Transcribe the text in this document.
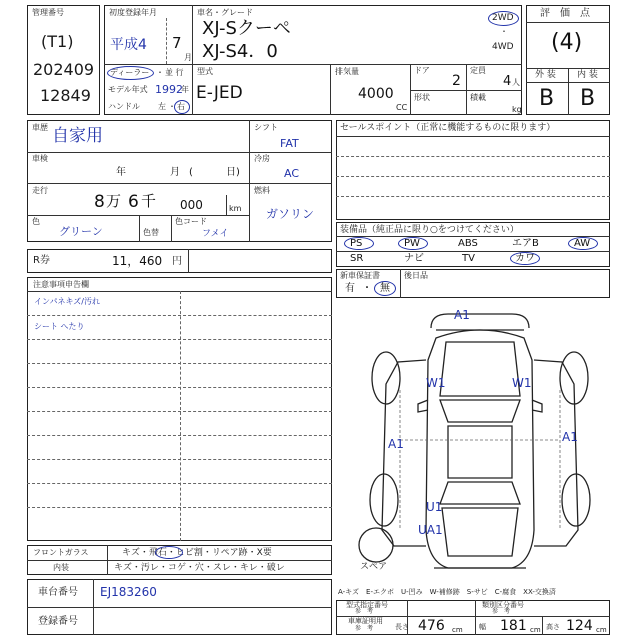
管理番号
(T1)
202409
12849
初度登録年月
平成4 7
月
車名・グレード
XJ-Sクーペ
XJ-S4．0
2WD
・
4WD
ディーラー ・ 並 行
モデル年式 1992
年
ハンドル 左 ・ 右
型式
E-JED
排気量
4000
CC
ドア
2
形状
定員
4 人
積載
kg
評　価　点
(4)
外 装 内 装
B B
車歴 自家用
車検
年	月 (	日)
走行
8 万 6 千 000	km
色
グリーン	色替
色コード
フメイ
シフト
FAT
冷房
AC
燃料
ガソリン
セールスポイント（正常に機能するものに限ります）
装備品（純正品に限り○をつけてください）
PS	PW	ABS	エアB	AW
SR	ナビ	TV	カワ
新車保証書
有 ・ 無
後日品
R券	11，460 円
注意事項申告欄
インパネキズ/汚れ
シート へたり
フロントガラス	キズ・飛石・ヒビ割・リペア跡・X要
内装	キズ・汚レ・コゲ・穴・スレ・キレ・破レ
車台番号 EJ183260
登録番号
A1
W1	W1
A1	A1
U1
UA1
スペア
A-キズ　E-エクボ　U-凹み　W-補修跡　S-サビ　C-腐食　XX-交換済
型式指定番号
参　考
類別区分番号
参　考
車庫証明用
参　考	長さ 476 cm 幅 181 cm 高さ 124 cm
